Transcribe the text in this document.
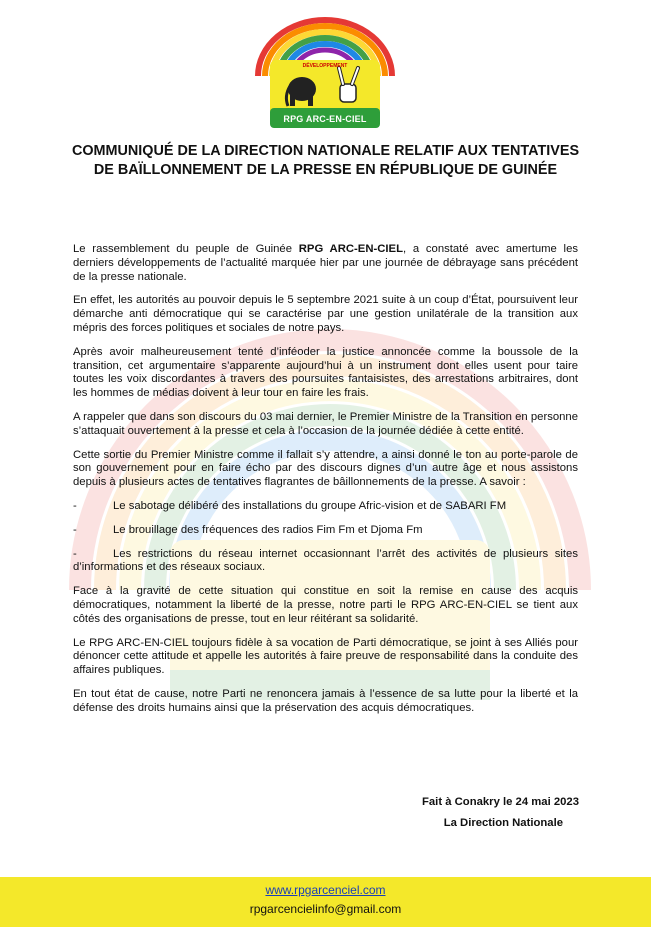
DÉVELOPPEMENT
RPG ARC-EN-CIEL
COMMUNIQUÉ DE LA DIRECTION NATIONALE RELATIF AUX TENTATIVES DE BAÏLLONNEMENT DE LA PRESSE EN RÉPUBLIQUE DE GUINÉE

Le rassemblement du peuple de Guinée RPG ARC-EN-CIEL, a constaté avec amertume les derniers développements de l’actualité marquée hier par une journée de débrayage sans précédent de la presse nationale.

En effet, les autorités au pouvoir depuis le 5 septembre 2021 suite à un coup d’État, poursuivent leur démarche anti démocratique qui se caractérise par une gestion unilatérale de la transition aux mépris des forces politiques et sociales de notre pays.

Après avoir malheureusement tenté d’inféoder la justice annoncée comme la boussole de la transition, cet argumentaire s’apparente aujourd’hui à un instrument dont elles usent pour taire toutes les voix discordantes à travers des poursuites fantaisistes, des arrestations arbitraires, dont les hommes de médias doivent à leur tour en faire les frais.

A rappeler que dans son discours du 03 mai dernier, le Premier Ministre de la Transition en personne s’attaquait ouvertement à la presse et cela à l’occasion de la journée dédiée à cette entité.

Cette sortie du Premier Ministre comme il fallait s’y attendre, a ainsi donné le ton au porte-parole de son gouvernement pour en faire écho par des discours dignes d’un autre âge et nous assistons depuis à plusieurs actes de tentatives flagrantes de bâillonnements de la presse. A savoir :

-	Le sabotage délibéré des installations du groupe Afric-vision et de SABARI FM
-	Le brouillage des fréquences des radios Fim Fm et Djoma Fm
-	Les restrictions du réseau internet occasionnant l’arrêt des activités de plusieurs sites d’informations et des réseaux sociaux.

Face à la gravité de cette situation qui constitue en soit la remise en cause des acquis démocratiques, notamment la liberté de la presse, notre parti le RPG ARC-EN-CIEL se tient aux côtés des organisations de presse, tout en leur réitérant sa solidarité.

Le RPG ARC-EN-CIEL toujours fidèle à sa vocation de Parti démocratique, se joint à ses Alliés pour dénoncer cette attitude et appelle les autorités à faire preuve de responsabilité dans la conduite des affaires publiques.

En tout état de cause, notre Parti ne renoncera jamais à l’essence de sa lutte pour la liberté et la défense des droits humains ainsi que la préservation des acquis démocratiques.

Fait à Conakry le 24 mai 2023
La Direction Nationale
www.rpgarcenciel.com
rpgarcencielinfo@gmail.com
